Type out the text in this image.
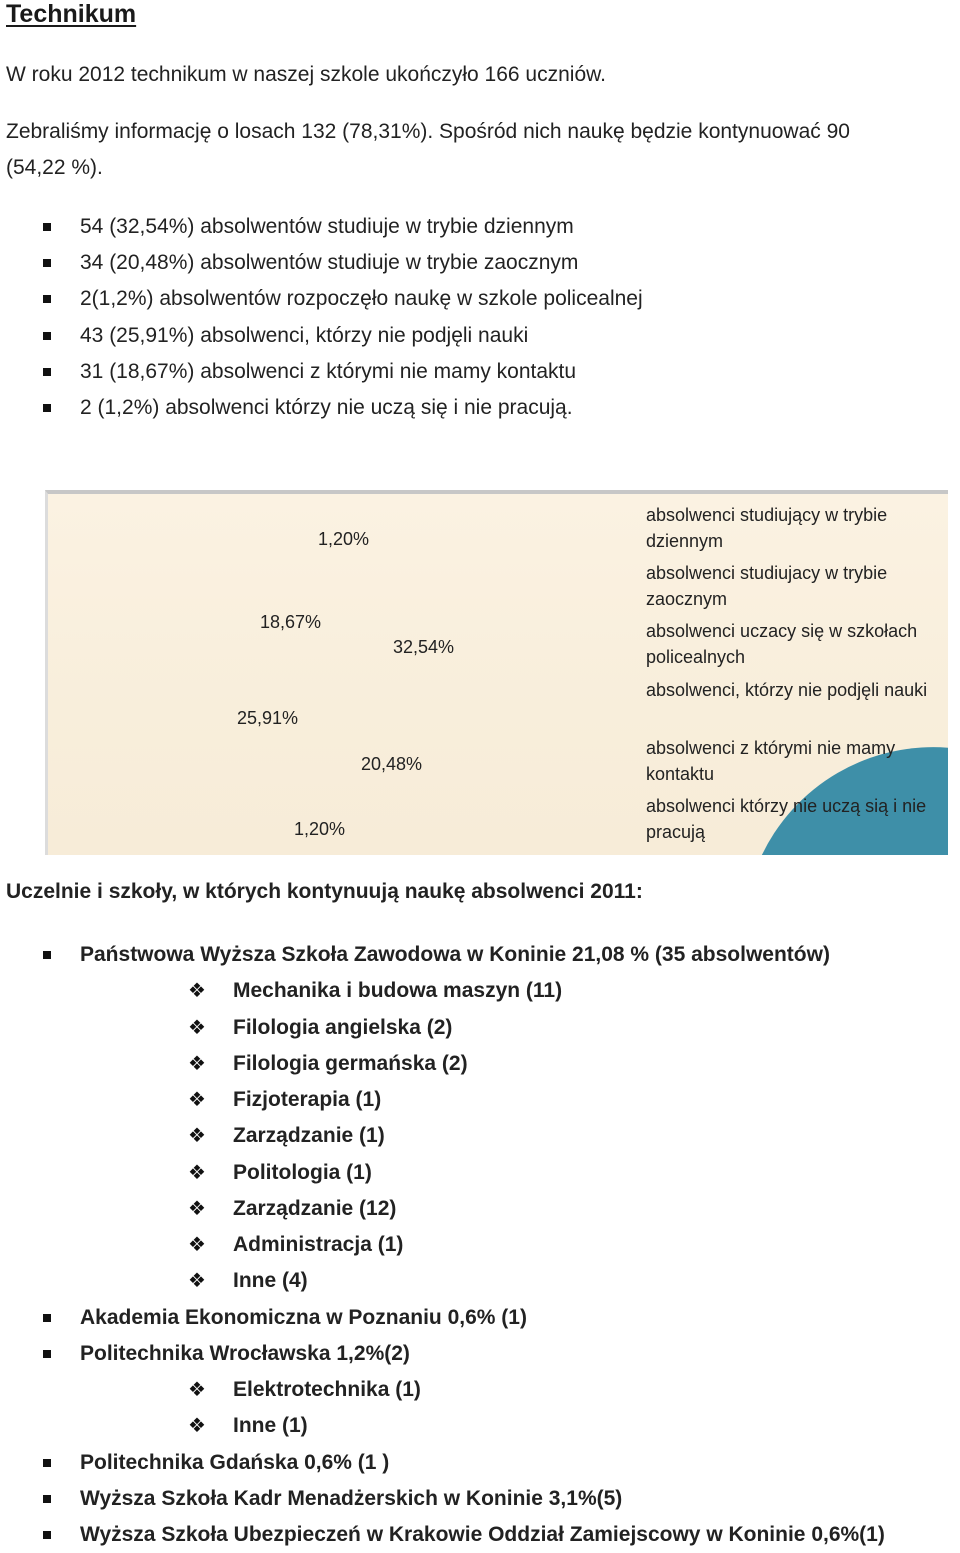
Technikum

W roku 2012 technikum w naszej szkole ukończyło 166 uczniów.

Zebraliśmy informację o losach 132 (78,31%). Spośród nich naukę będzie kontynuować 90

(54,22 %).

54 (32,54%) absolwentów studiuje w trybie dziennym
34 (20,48%) absolwentów studiuje w trybie zaocznym
2(1,2%) absolwentów rozpoczęło naukę w szkole policealnej
43 (25,91%) absolwenci, którzy nie podjęli nauki
31 (18,67%) absolwenci z którymi nie mamy kontaktu
2 (1,2%) absolwenci którzy nie uczą się i nie pracują.
32,54%
20,48%
1,20%
25,91%
18,67%
1,20%
absolwenci studiujący w trybie dziennym
absolwenci studiujacy w trybie zaocznym
absolwenci uczacy się w szkołach policealnych
absolwenci, którzy nie podjęli nauki
absolwenci z którymi nie mamy kontaktu
absolwenci którzy nie uczą sią i nie pracują
Uczelnie i szkoły, w których kontynuują naukę absolwenci 2011:
Państwowa Wyższa Szkoła Zawodowa w Koninie 21,08 % (35 absolwentów)
❖ Mechanika i budowa maszyn (11)
❖ Filologia angielska (2)
❖ Filologia germańska (2)
❖ Fizjoterapia (1)
❖ Zarządzanie (1)
❖ Politologia (1)
❖ Zarządzanie (12)
❖ Administracja (1)
❖ Inne (4)
Akademia Ekonomiczna w Poznaniu 0,6% (1)
Politechnika Wrocławska 1,2%(2)
❖ Elektrotechnika (1)
❖ Inne (1)
Politechnika Gdańska 0,6% (1 )
Wyższa Szkoła Kadr Menadżerskich w Koninie 3,1%(5)
Wyższa Szkoła Ubezpieczeń w Krakowie Oddział Zamiejscowy w Koninie 0,6%(1)
